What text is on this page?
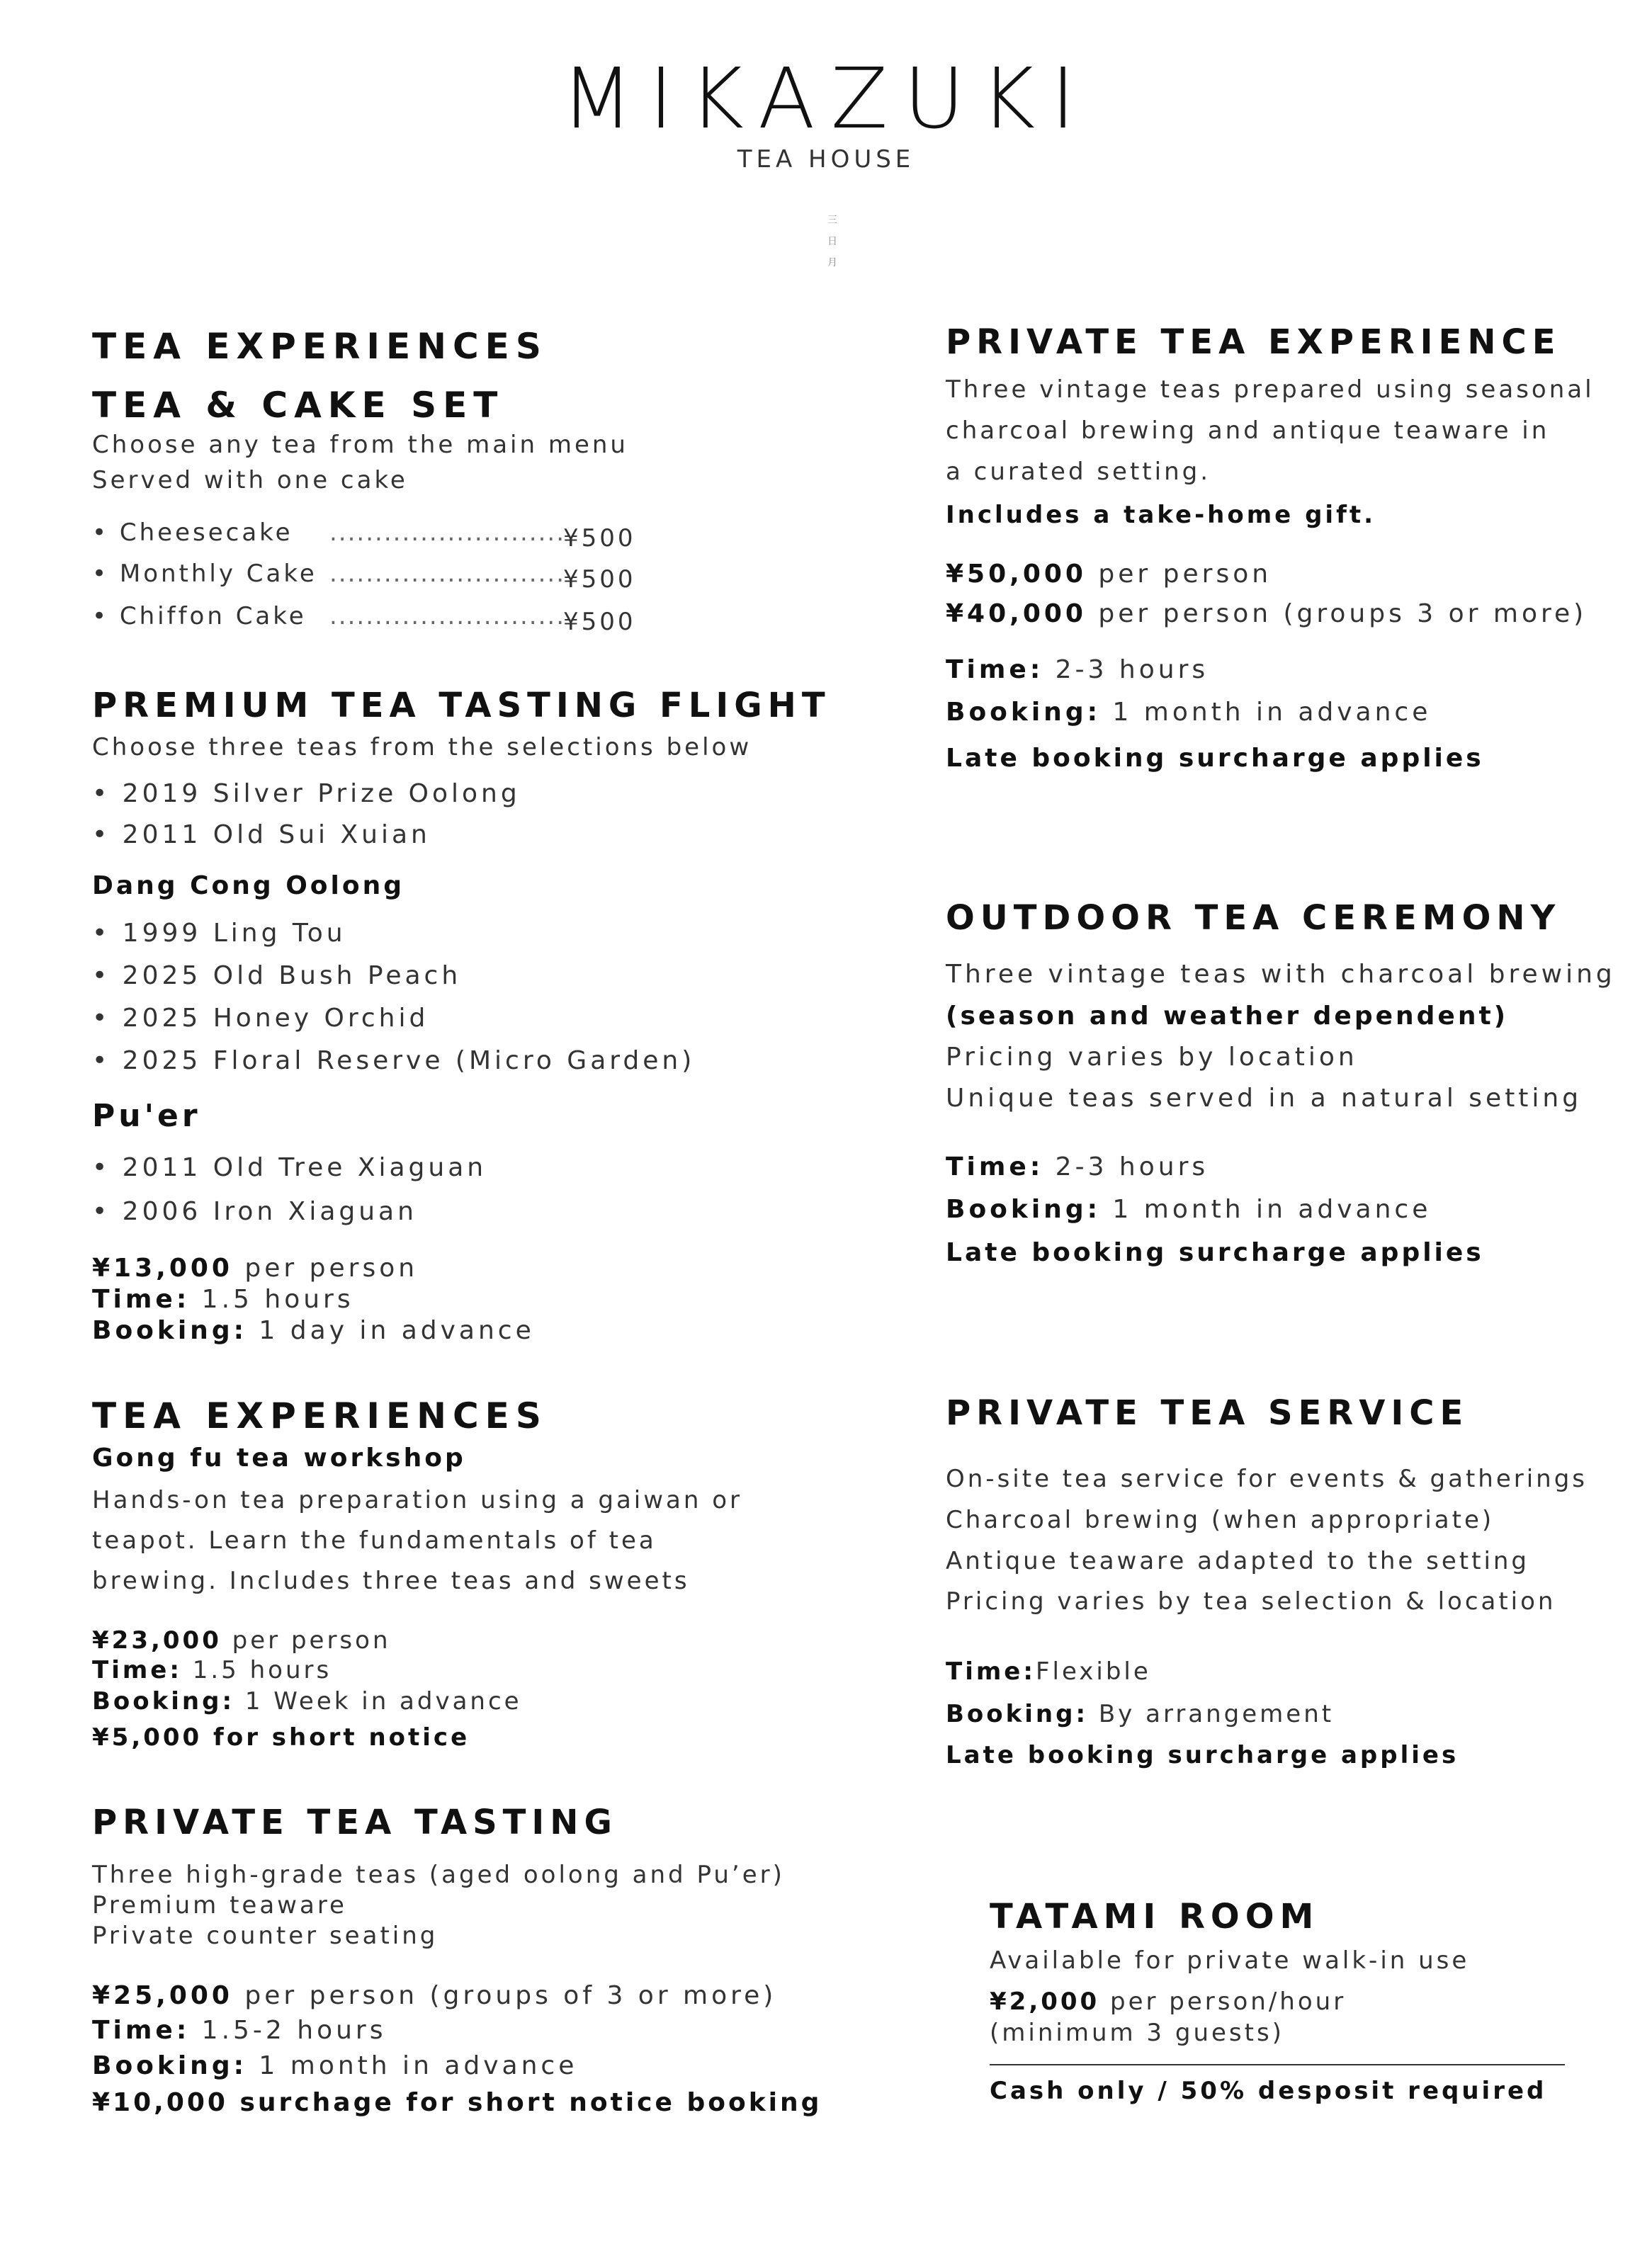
MIKAZUKI
TEA HOUSE
三
日
月
TEA EXPERIENCES
TEA & CAKE SET
Choose any tea from the main menu
Served with one cake
• Cheesecake ..........................
¥500
• Monthly Cake ..........................
¥500
• Chiffon Cake ..........................
¥500
PREMIUM TEA TASTING FLIGHT
Choose three teas from the selections below
• 2019 Silver Prize Oolong
• 2011 Old Sui Xuian
Dang Cong Oolong
• 1999 Ling Tou
• 2025 Old Bush Peach
• 2025 Honey Orchid
• 2025 Floral Reserve (Micro Garden)
Pu'er
• 2011 Old Tree Xiaguan
• 2006 Iron Xiaguan
¥13,000 per person
Time: 1.5 hours
Booking: 1 day in advance
TEA EXPERIENCES
Gong fu tea workshop
Hands-on tea preparation using a gaiwan or
teapot. Learn the fundamentals of tea
brewing. Includes three teas and sweets
¥23,000 per person
Time: 1.5 hours
Booking: 1 Week in advance
¥5,000 for short notice
PRIVATE TEA TASTING
Three high-grade teas (aged oolong and Pu’er)
Premium teaware
Private counter seating
¥25,000 per person (groups of 3 or more)
Time: 1.5-2 hours
Booking: 1 month in advance
¥10,000 surchage for short notice booking
PRIVATE TEA EXPERIENCE
Three vintage teas prepared using seasonal
charcoal brewing and antique teaware in
a curated setting.
Includes a take-home gift.
¥50,000 per person
¥40,000 per person (groups 3 or more)
Time: 2-3 hours
Booking: 1 month in advance
Late booking surcharge applies
OUTDOOR TEA CEREMONY
Three vintage teas with charcoal brewing
(season and weather dependent)
Pricing varies by location
Unique teas served in a natural setting
Time: 2-3 hours
Booking: 1 month in advance
Late booking surcharge applies
PRIVATE TEA SERVICE
On-site tea service for events & gatherings
Charcoal brewing (when appropriate)
Antique teaware adapted to the setting
Pricing varies by tea selection & location
Time:Flexible
Booking: By arrangement
Late booking surcharge applies
TATAMI ROOM
Available for private walk-in use
¥2,000 per person/hour
(minimum 3 guests)
Cash only / 50% desposit required
